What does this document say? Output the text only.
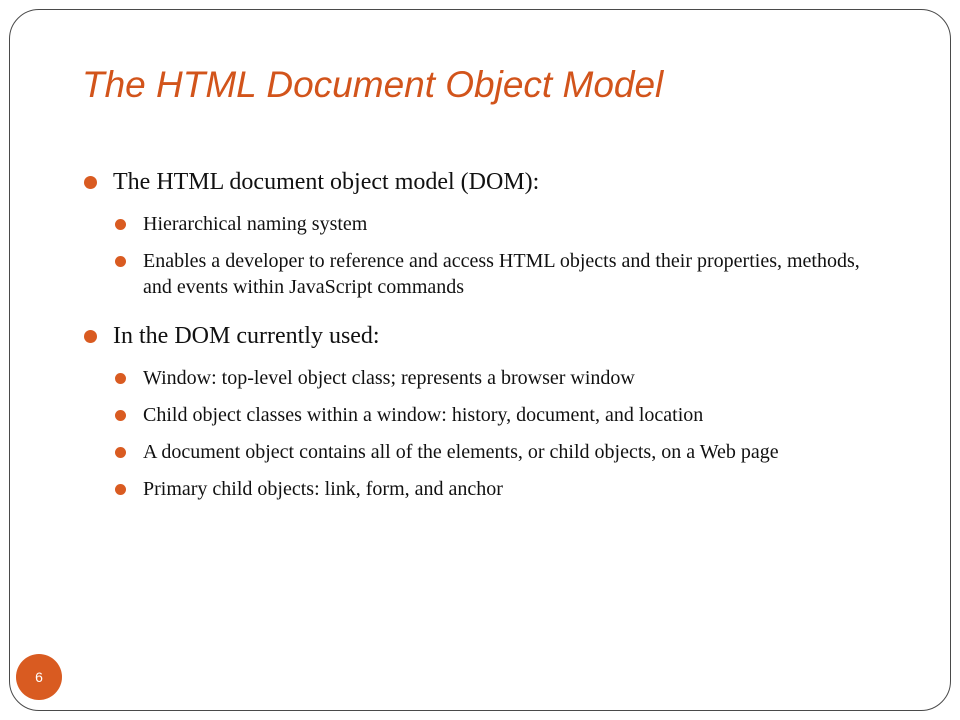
The HTML Document Object Model
The HTML document object model (DOM):
Hierarchical naming system
Enables a developer to reference and access HTML objects and their properties, methods, and events within JavaScript commands
In the DOM currently used:
Window: top-level object class; represents a browser window
Child object classes within a window: history, document, and location
A document object contains all of the elements, or child objects, on a Web page
Primary child objects: link, form, and anchor
6
